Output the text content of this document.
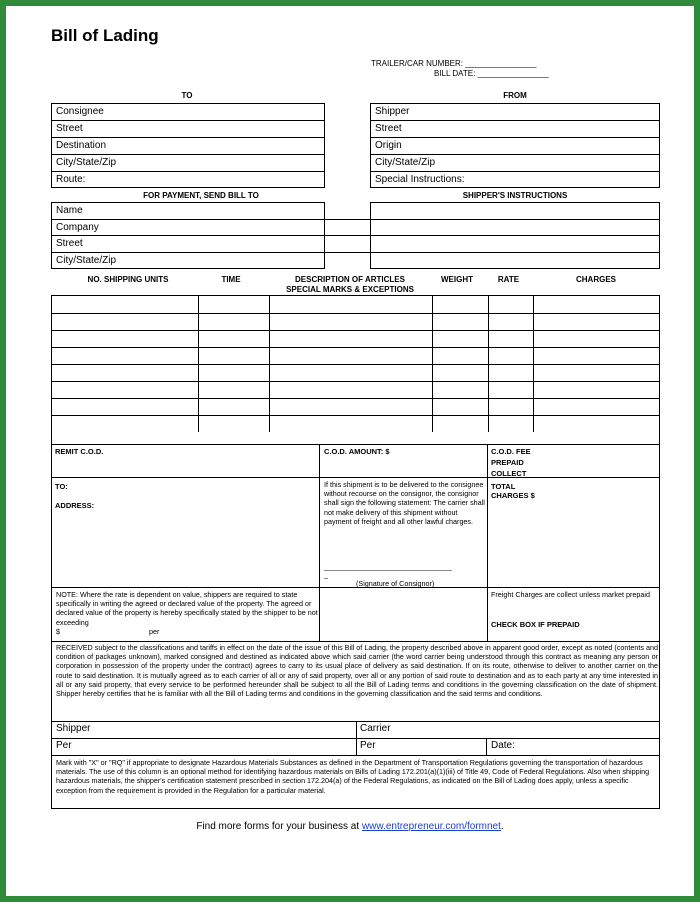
Bill of Lading
TRAILER/CAR NUMBER: ________________
BILL DATE: ________________
TO	FROM
Consignee
Street
Destination
City/State/Zip
Route:
Shipper
Street
Origin
City/State/Zip
Special Instructions:
FOR PAYMENT, SEND BILL TO	SHIPPER'S INSTRUCTIONS
Name
Company
Street
City/State/Zip
NO. SHIPPING UNITS	TIME	DESCRIPTION OF ARTICLES
SPECIAL MARKS & EXCEPTIONS
WEIGHT	RATE	CHARGES
REMIT C.O.D.	C.O.D. AMOUNT: $	C.O.D. FEE
PREPAID
COLLECT
TO:
ADDRESS:
If this shipment is to be delivered to the consignee without recourse on the consignor, the consignor shall sign the following statement: The carrier shall not make delivery of this shipment without payment of freight and all other lawful charges.
________________________________
_
(Signature of Consignor)
TOTAL CHARGES $
NOTE: Where the rate is dependent on value, shippers are required to state specifically in writing the agreed or declared value of the property. The agreed or declared value of the property is hereby specifically stated by the shipper to be not exceeding
$	per
Freight Charges are collect unless market prepaid
CHECK BOX IF PREPAID
RECEIVED subject to the classifications and tariffs in effect on the date of the issue of this Bill of Lading, the property described above in apparent good order, except as noted (contents and condition of packages unknown), marked consigned and destined as indicated above which said carrier (the word carrier being understood through this contract as meaning any person or corporation in possession of the property under the contract) agrees to carry to its usual place of delivery as said destination. If on its route, otherwise to deliver to another carrier on the route to said destination. It is mutually agreed as to each carrier of all or any of said property, over all or any portion of said route to destination and as to each party at any time interested in all or any said property, that every service to be performed hereunder shall be subject to all the Bill of Lading terms and conditions in the governing classification on the date of shipment. Shipper hereby certifies that he is familiar with all the Bill of Lading terms and conditions in the governing classification and the said terms and conditions.
Shipper	Carrier
Per	Per	Date:
Mark with "X" or "RQ" if appropriate to designate Hazardous Materials Substances as defined in the Department of Transportation Regulations governing the transportation of hazardous materials. The use of this column is an optional method for identifying hazardous materials on Bills of Lading 172.201(a)(1)(iii) of Title 49, Code of Federal Regulations. Also when shipping hazardous materials, the shipper's certification statement prescribed in section 172.204(a) of the Federal Regulations, as indicated on the Bill of Lading does apply, unless a specific exception from the requirement is provided in the Regulation for a particular material.
Find more forms for your business at www.entrepreneur.com/formnet.
